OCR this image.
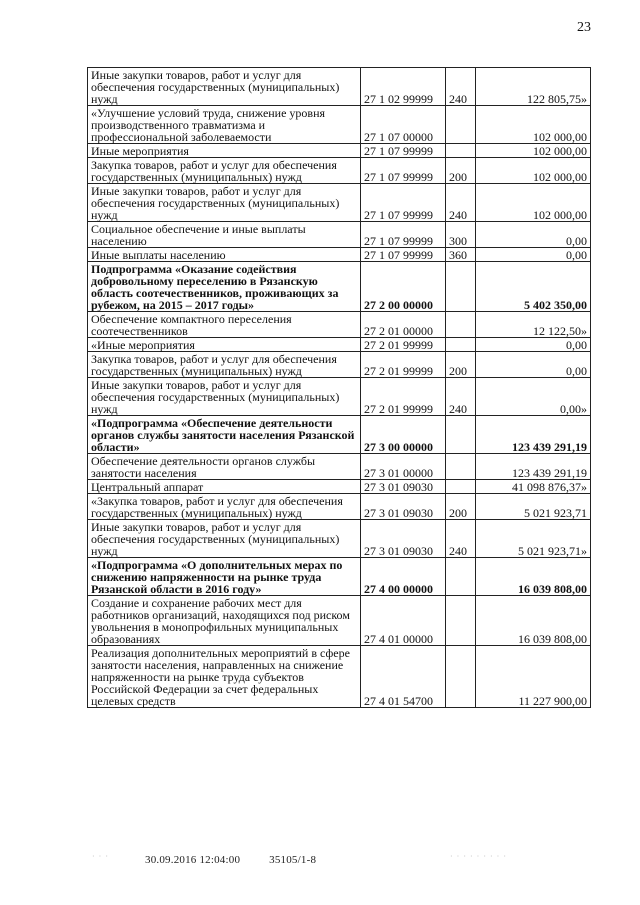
23
Иные закупки товаров, работ и услуг для обеспечения государственных (муниципальных) нужд	27 1 02 99999	240	122 805,75»
«Улучшение условий труда, снижение уровня производственного травматизма и профессиональной заболеваемости	27 1 07 00000		102 000,00
Иные мероприятия	27 1 07 99999		102 000,00
Закупка товаров, работ и услуг для обеспечения государственных (муниципальных) нужд	27 1 07 99999	200	102 000,00
Иные закупки товаров, работ и услуг для обеспечения государственных (муниципальных) нужд	27 1 07 99999	240	102 000,00
Социальное обеспечение и иные выплаты населению	27 1 07 99999	300	0,00
Иные выплаты населению	27 1 07 99999	360	0,00
Подпрограмма «Оказание содействия добровольному переселению в Рязанскую область соотечественников, проживающих за рубежом, на 2015 – 2017 годы»	27 2 00 00000		5 402 350,00
Обеспечение компактного переселения соотечественников	27 2 01 00000		12 122,50»
«Иные мероприятия	27 2 01 99999		0,00
Закупка товаров, работ и услуг для обеспечения государственных (муниципальных) нужд	27 2 01 99999	200	0,00
Иные закупки товаров, работ и услуг для обеспечения государственных (муниципальных) нужд	27 2 01 99999	240	0,00»
«Подпрограмма «Обеспечение деятельности органов службы занятости населения Рязанской области»	27 3 00 00000		123 439 291,19
Обеспечение деятельности органов службы занятости населения	27 3 01 00000		123 439 291,19
Центральный аппарат	27 3 01 09030		41 098 876,37»
«Закупка товаров, работ и услуг для обеспечения государственных (муниципальных) нужд	27 3 01 09030	200	5 021 923,71
Иные закупки товаров, работ и услуг для обеспечения государственных (муниципальных) нужд	27 3 01 09030	240	5 021 923,71»
«Подпрограмма «О дополнительных мерах по снижению напряженности на рынке труда Рязанской области в 2016 году»	27 4 00 00000		16 039 808,00
Создание и сохранение рабочих мест для работников организаций, находящихся под риском увольнения в монопрофильных муниципальных образованиях	27 4 01 00000		16 039 808,00
Реализация дополнительных мероприятий в сфере занятости населения, направленных на снижение напряженности на рынке труда субъектов Российской Федерации за счет федеральных целевых средств	27 4 01 54700		11 227 900,00
30.09.2016 12:04:00	35105/1-8
· · ·	· · · · · · · · ·
